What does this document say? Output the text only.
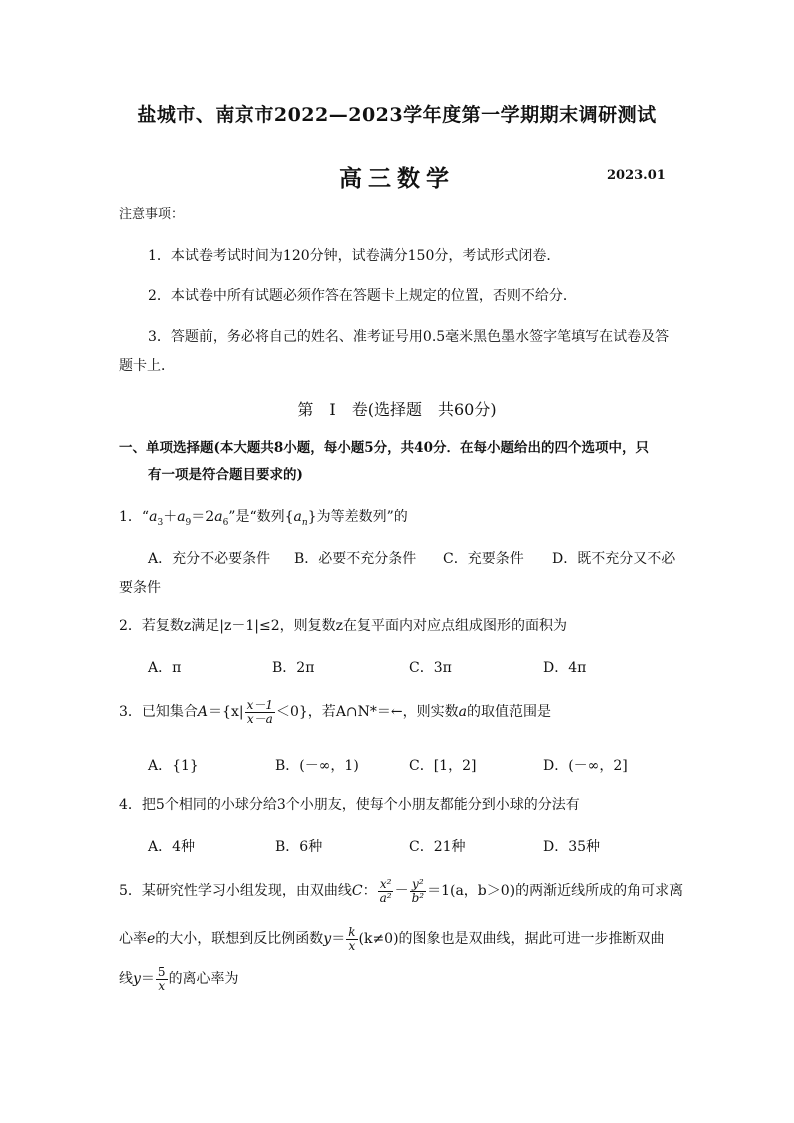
盐城市、南京市2022—2023学年度第一学期期末调研测试
高三数学	2023.01
注意事项：
1．本试卷考试时间为120分钟，试卷满分150分，考试形式闭卷．
2．本试卷中所有试题必须作答在答题卡上规定的位置，否则不给分．
3．答题前，务必将自己的姓名、准考证号用0.5毫米黑色墨水签字笔填写在试卷及答
题卡上．
第　Ⅰ　卷(选择题　共60分)
一、单项选择题(本大题共8小题，每小题5分，共40分．在每小题给出的四个选项中，只
有一项是符合题目要求的)
1．“$a_3+a_9=2a_6$”是“数列$\{a_n\}$为等差数列”的
A．充分不必要条件 B．必要不充分条件 C．充要条件 D．既不充分又不必
要条件
2．若复数z满足|z－1|≤2，则复数z在复平面内对应点组成图形的面积为
A．π	B．2π	C．3π	D．4π
3．已知集合$A=\{x| \frac{x-1}{x-a} <0\}$，若A∩N*＝←，则实数a的取值范围是
A．{1}	B．(－∞，1)	C．[1，2]	D．(－∞，2]
4．把5个相同的小球分给3个小朋友，使每个小朋友都能分到小球的分法有
A．4种	B．6种	C．21种	D．35种
5．某研究性学习小组发现，由双曲线C： $\frac{\text{x²}}{\text{a²}} - \frac{\text{y²}}{\text{b²}} =1(a$，b＞0)的两渐近线所成的角可求离
心率e的大小，联想到反比例函数$y= \frac{k}{x} (k\ne 0)$的图象也是双曲线，据此可进一步推断双曲
线$y= \frac{5}{x}$ 的离心率为
